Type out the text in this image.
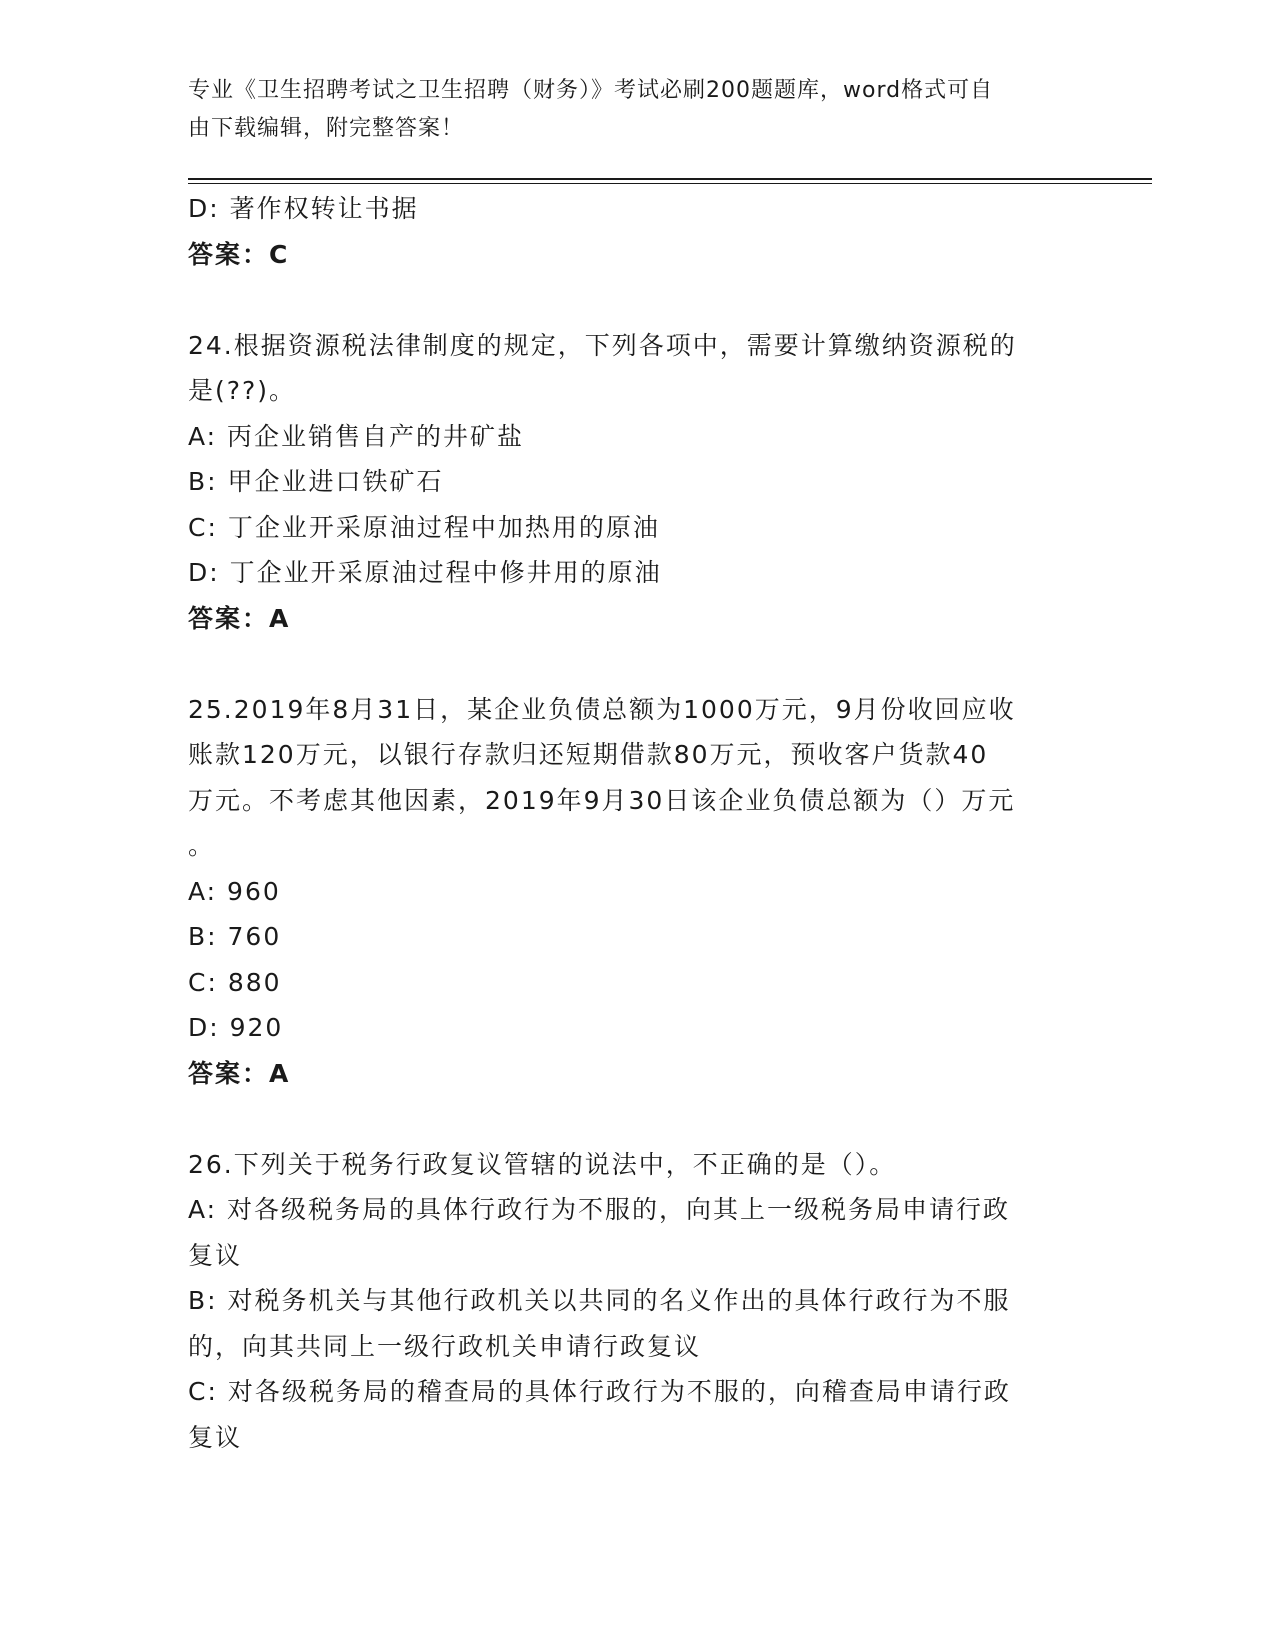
专业《卫生招聘考试之卫生招聘（财务）》考试必刷200题题库，word格式可自
由下载编辑，附完整答案！
D: 著作权转让书据
答案：C
24.根据资源税法律制度的规定，下列各项中，需要计算缴纳资源税的
是(??)。
A: 丙企业销售自产的井矿盐
B: 甲企业进口铁矿石
C: 丁企业开采原油过程中加热用的原油
D: 丁企业开采原油过程中修井用的原油
答案：A
25.2019年8月31日，某企业负债总额为1000万元，9月份收回应收
账款120万元，以银行存款归还短期借款80万元，预收客户货款40
万元。不考虑其他因素，2019年9月30日该企业负债总额为（）万元
。
A: 960
B: 760
C: 880
D: 920
答案：A
26.下列关于税务行政复议管辖的说法中，不正确的是（）。
A: 对各级税务局的具体行政行为不服的，向其上一级税务局申请行政
复议
B: 对税务机关与其他行政机关以共同的名义作出的具体行政行为不服
的，向其共同上一级行政机关申请行政复议
C: 对各级税务局的稽查局的具体行政行为不服的，向稽查局申请行政
复议
